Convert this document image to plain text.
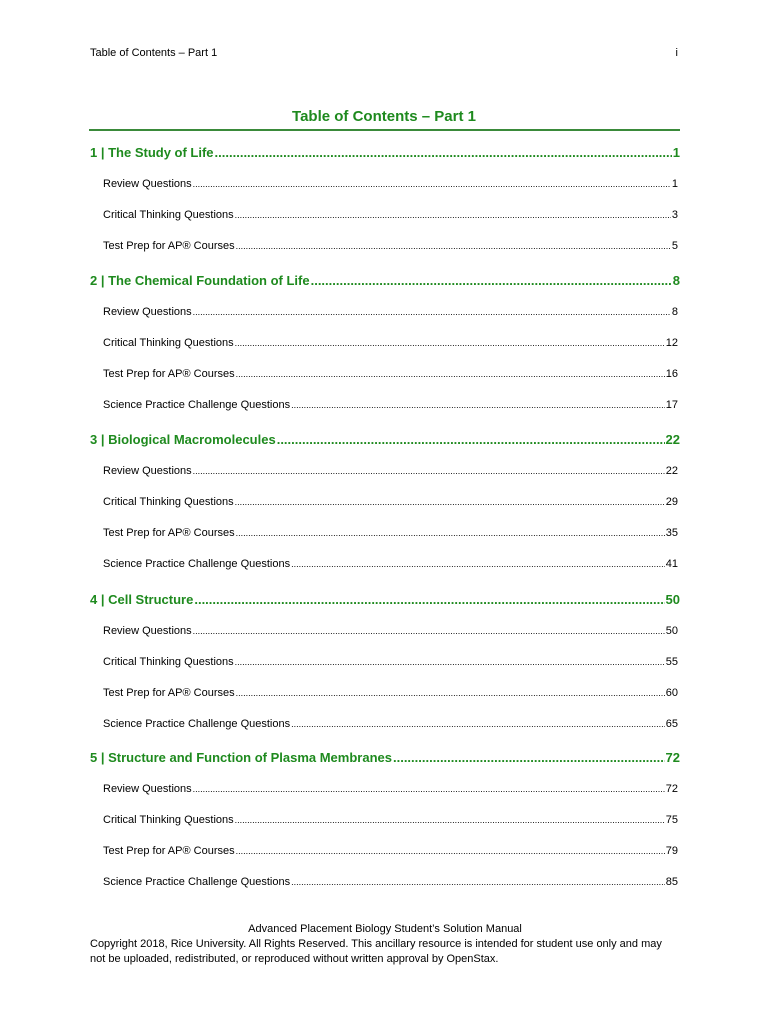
Table of Contents – Part 1	i
Table of Contents – Part 1
1 | The Study of Life .....	1
Review Questions .....	1
Critical Thinking Questions .....	3
Test Prep for AP® Courses .....	5
2 | The Chemical Foundation of Life .....	8
Review Questions .....	8
Critical Thinking Questions .....	12
Test Prep for AP® Courses .....	16
Science Practice Challenge Questions .....	17
3 | Biological Macromolecules .....	22
Review Questions .....	22
Critical Thinking Questions .....	29
Test Prep for AP® Courses .....	35
Science Practice Challenge Questions .....	41
4 | Cell Structure .....	50
Review Questions .....	50
Critical Thinking Questions .....	55
Test Prep for AP® Courses .....	60
Science Practice Challenge Questions .....	65
5 | Structure and Function of Plasma Membranes .....	72
Review Questions .....	72
Critical Thinking Questions .....	75
Test Prep for AP® Courses .....	79
Science Practice Challenge Questions .....	85
Advanced Placement Biology Student’s Solution Manual
Copyright 2018, Rice University. All Rights Reserved. This ancillary resource is intended for student use only and may not be uploaded, redistributed, or reproduced without written approval by OpenStax.
